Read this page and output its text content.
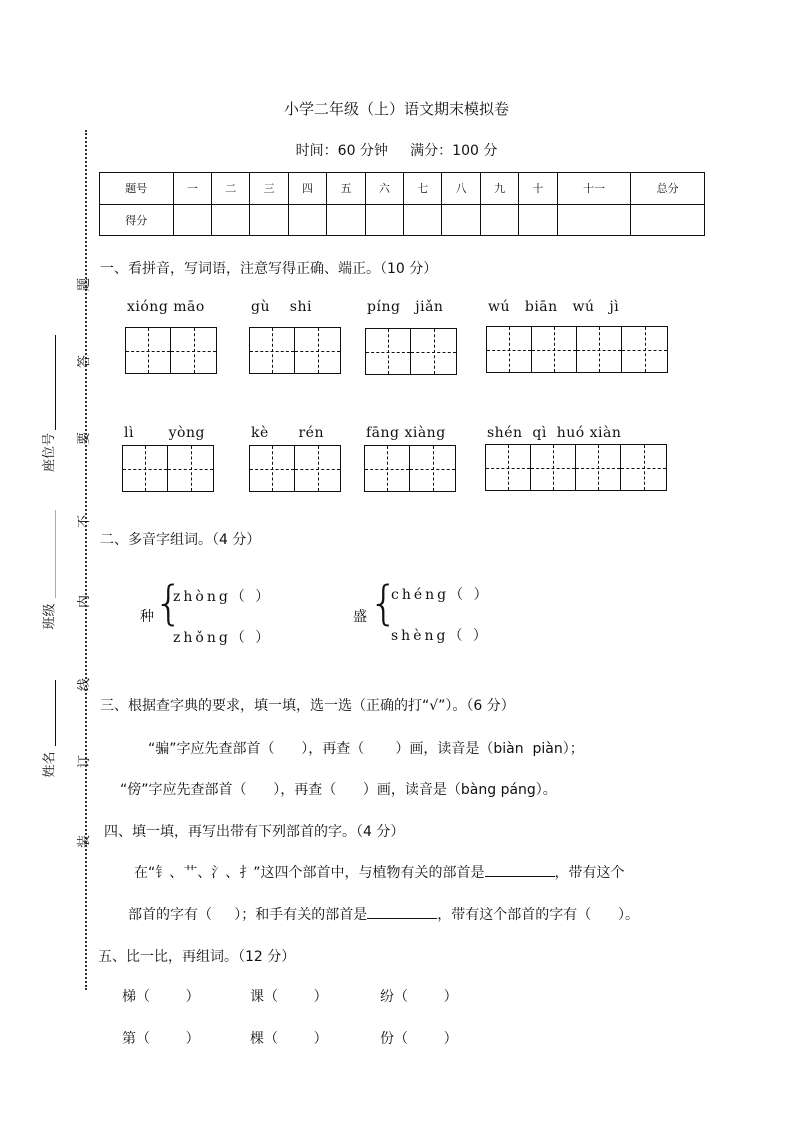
小学二年级（上）语文期末模拟卷
时间：60 分钟     满分：100 分
题号	一	二	三	四	五	六	七	八	九	十	十一	总分
得分												
题
答
要
不
内
线
订
装
座位号
班级
姓名
一、看拼音，写词语，注意写得正确、端正。（10 分）
xióng māo	gù    shi	píng   jiǎn	wú   biān   wú   jì
lì       yòng	kè      rén	fāng xiàng	shén  qì  huó xiàn
二、多音字组词。（4 分）
种 {
zhòng（ ）
zhǒng（ ）
盛 {
chéng（ ）
shèng（ ）
三、根据查字典的要求，填一填，选一选（正确的打“√”）。（6 分）
“骗”字应先查部首（      ），再查（       ）画，读音是（biàn  piàn）；
“傍”字应先查部首（      ），再查（      ）画，读音是（bàng páng）。
四、填一填，再写出带有下列部首的字。（4 分）
在“钅、艹、氵、扌”这四个部首中，与植物有关的部首是	，带有这个
部首的字有（     ）；和手有关的部首是	，带有这个部首的字有（      ）。
五、比一比，再组词。（12 分）
梯（        ）	课（        ）	纷（        ）
第（        ）	棵（        ）	份（        ）
